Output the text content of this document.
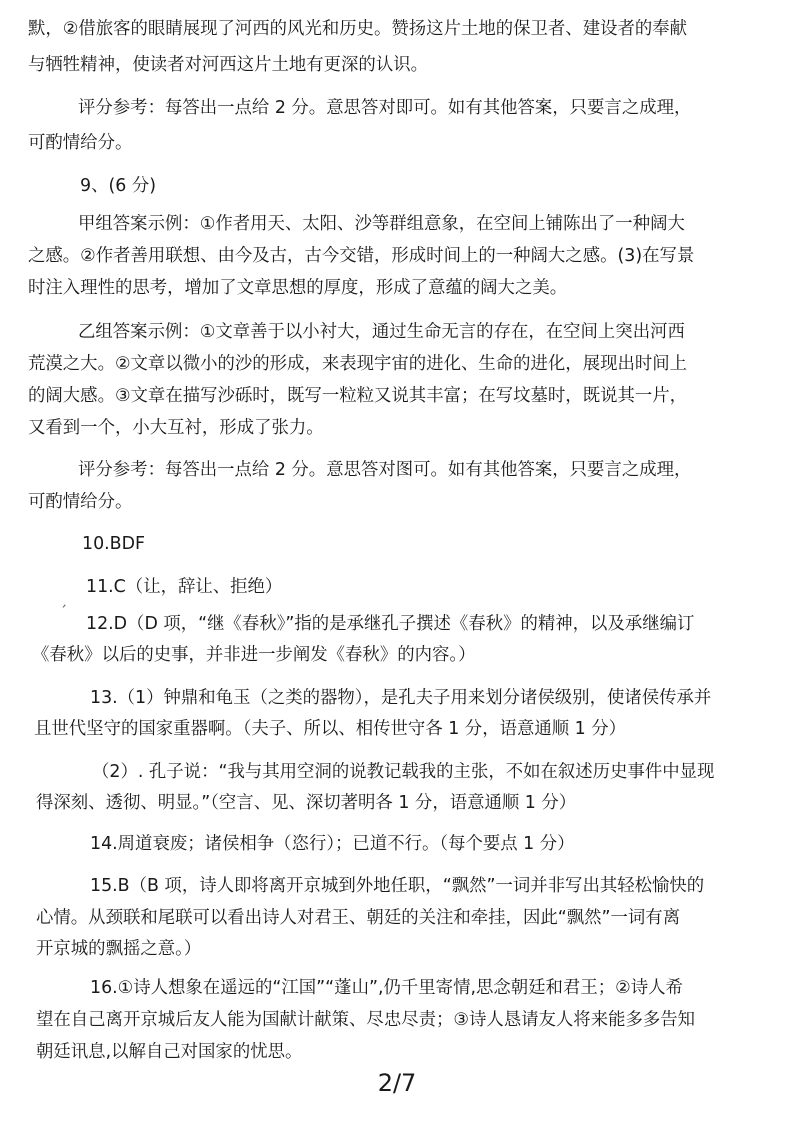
默，②借旅客的眼睛展现了河西的风光和历史。赞扬这片土地的保卫者、建设者的奉献
与牺牲精神，使读者对河西这片土地有更深的认识。
评分参考：每答出一点给 2 分。意思答对即可。如有其他答案，只要言之成理，
可酌情给分。
9、(6 分)
甲组答案示例：①作者用天、太阳、沙等群组意象，在空间上铺陈出了一种阔大
之感。②作者善用联想、由今及古，古今交错，形成时间上的一种阔大之感。(3)在写景
时注入理性的思考，增加了文章思想的厚度，形成了意蕴的阔大之美。
乙组答案示例：①文章善于以小衬大，通过生命无言的存在，在空间上突出河西
荒漠之大。②文章以微小的沙的形成，来表现宇宙的进化、生命的进化，展现出时间上
的阔大感。③文章在描写沙砾时，既写一粒粒又说其丰富；在写坟墓时，既说其一片，
又看到一个，小大互衬，形成了张力。
评分参考：每答出一点给 2 分。意思答对图可。如有其他答案，只要言之成理，
可酌情给分。
10.BDF
11.C（让，辞让、拒绝）
ˏ
12.D（D 项，“继《春秋》”指的是承继孔子撰述《春秋》的精神，以及承继编订
《春秋》以后的史事，并非进一步阐发《春秋》的内容。）
13.（1）钟鼎和龟玉（之类的器物），是孔夫子用来划分诸侯级别，使诸侯传承并
且世代坚守的国家重器啊。（夫子、所以、相传世守各 1 分，语意通顺 1 分）
（2）. 孔子说：“我与其用空洞的说教记载我的主张，不如在叙述历史事件中显现
得深刻、透彻、明显。”（空言、见、深切著明各 1 分，语意通顺 1 分）
14.周道衰废；诸侯相争（恣行）；已道不行。（每个要点 1 分）
15.B（B 项，诗人即将离开京城到外地任职，“飘然”一词并非写出其轻松愉快的
心情。从颈联和尾联可以看出诗人对君王、朝廷的关注和牵挂，因此“飘然”一词有离
开京城的飘摇之意。）
16.①诗人想象在遥远的“江国”“蓬山”,仍千里寄情,思念朝廷和君王；②诗人希
望在自己离开京城后友人能为国献计献策、尽忠尽责；③诗人恳请友人将来能多多告知
朝廷讯息,以解自己对国家的忧思。
2/7
